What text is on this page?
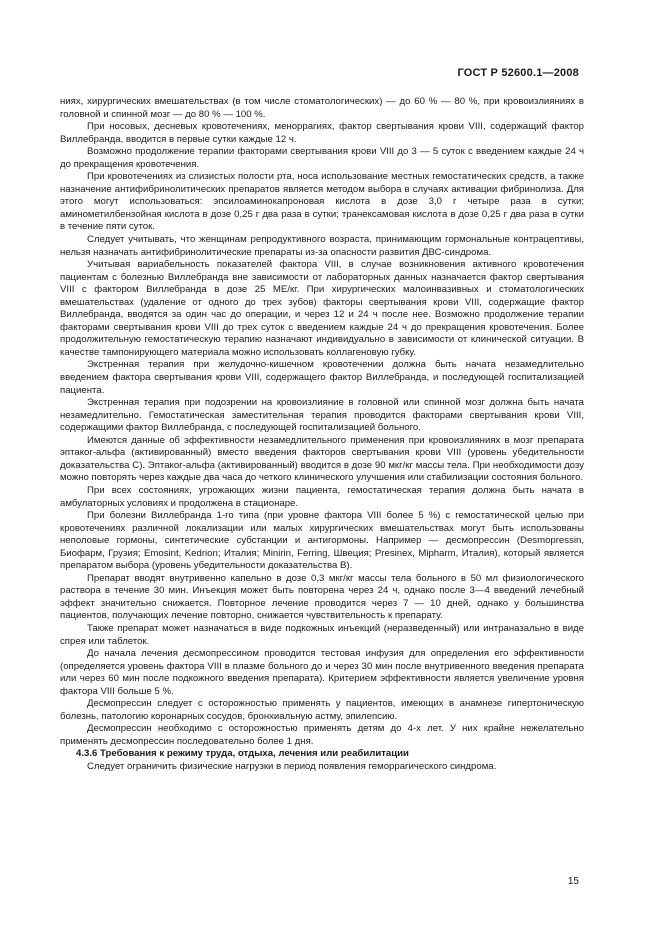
ГОСТ Р 52600.1—2008

ниях, хирургических вмешательствах (в том числе стоматологических) — до 60 % — 80 %, при кровоизлияниях в головной и спинной мозг — до 80 % — 100 %.

При носовых, десневых кровотечениях, меноррагиях, фактор свертывания крови VIII, содержащий фактор Виллебранда, вводится в первые сутки каждые 12 ч.

Возможно продолжение терапии факторами свертывания крови VIII до 3 — 5 суток с введением каждые 24 ч до прекращения кровотечения.

При кровотечениях из слизистых полости рта, носа использование местных гемостатических средств, а также назначение антифибринолитических препаратов является методом выбора в случаях активации фибринолиза. Для этого могут использоваться: эпсилоаминокапроновая кислота в дозе 3,0 г четыре раза в сутки; аминометилбензойная кислота в дозе 0,25 г два раза в сутки; транексамовая кислота в дозе 0,25 г два раза в сутки в течение пяти суток.

Следует учитывать, что женщинам репродуктивного возраста, принимающим гормональные контрацептивы, нельзя назначать антифибринолитические препараты из-за опасности развития ДВС-синдрома.

Учитывая вариабельность показателей фактора VIII, в случае возникновения активного кровотечения пациентам с болезнью Виллебранда вне зависимости от лабораторных данных назначается фактор свертывания VIII с фактором Виллебранда в дозе 25 МЕ/кг. При хирургических малоинвазивных и стоматологических вмешательствах (удаление от одного до трех зубов) факторы свертывания крови VIII, содержащие фактор Виллебранда, вводятся за один час до операции, и через 12 и 24 ч после нее. Возможно продолжение терапии факторами свертывания крови VIII до трех суток с введением каждые 24 ч до прекращения кровотечения. Более продолжительную гемостатическую терапию назначают индивидуально в зависимости от клинической ситуации. В качестве тампонирующего материала можно использовать коллагеновую губку.

Экстренная терапия при желудочно-кишечном кровотечении должна быть начата незамедлительно введением фактора свертывания крови VIII, содержащего фактор Виллебранда, и последующей госпитализацией пациента.

Экстренная терапия при подозрении на кровоизлияние в головной или спинной мозг должна быть начата незамедлительно. Гемостатическая заместительная терапия проводится факторами свертывания крови VIII, содержащими фактор Виллебранда, с последующей госпитализацией больного.

Имеются данные об эффективности незамедлительного применения при кровоизлияниях в мозг препарата эптаког-альфа (активированный) вместо введения факторов свертывания крови VIII (уровень убедительности доказательства С). Эптаког-альфа (активированный) вводится в дозе 90 мкг/кг массы тела. При необходимости дозу можно повторять через каждые два часа до четкого клинического улучшения или стабилизации состояния больного.

При всех состояниях, угрожающих жизни пациента, гемостатическая терапия должна быть начата в амбулаторных условиях и продолжена в стационаре.

При болезни Виллебранда 1-го типа (при уровне фактора VIII более 5 %) с гемостатической целью при кровотечениях различной локализации или малых хирургических вмешательствах могут быть использованы неполовые гормоны, синтетические субстанции и антигормоны. Например — десмопрессин (Desmopressin, Биофарм, Грузия; Emosint, Kedrion; Италия; Minirin, Ferring, Швеция; Presinex, Mipharm, Италия), который является препаратом выбора (уровень убедительности доказательства В).

Препарат вводят внутривенно капельно в дозе 0,3 мкг/кг массы тела больного в 50 мл физиологического раствора в течение 30 мин. Инъекция может быть повторена через 24 ч, однако после 3—4 введений лечебный эффект значительно снижается. Повторное лечение проводится через 7 — 10 дней, однако у большинства пациентов, получающих лечение повторно, снижается чувствительность к препарату.

Также препарат может назначаться в виде подкожных инъекций (неразведенный) или интраназально в виде спрея или таблеток.

До начала лечения десмопрессином проводится тестовая инфузия для определения его эффективности (определяется уровень фактора VIII в плазме больного до и через 30 мин после внутривенного введения препарата или через 60 мин после подкожного введения препарата). Критерием эффективности является увеличение уровня фактора VIII больше 5 %.

Десмопрессин следует с осторожностью применять у пациентов, имеющих в анамнезе гипертоническую болезнь, патологию коронарных сосудов, бронхиальную астму, эпилепсию.

Десмопрессин необходимо с осторожностью применять детям до 4-х лет. У них крайне нежелательно применять десмопрессин последовательно более 1 дня.

4.3.6 Требования к режиму труда, отдыха, лечения или реабилитации

Следует ограничить физические нагрузки в период появления геморрагического синдрома.

15
